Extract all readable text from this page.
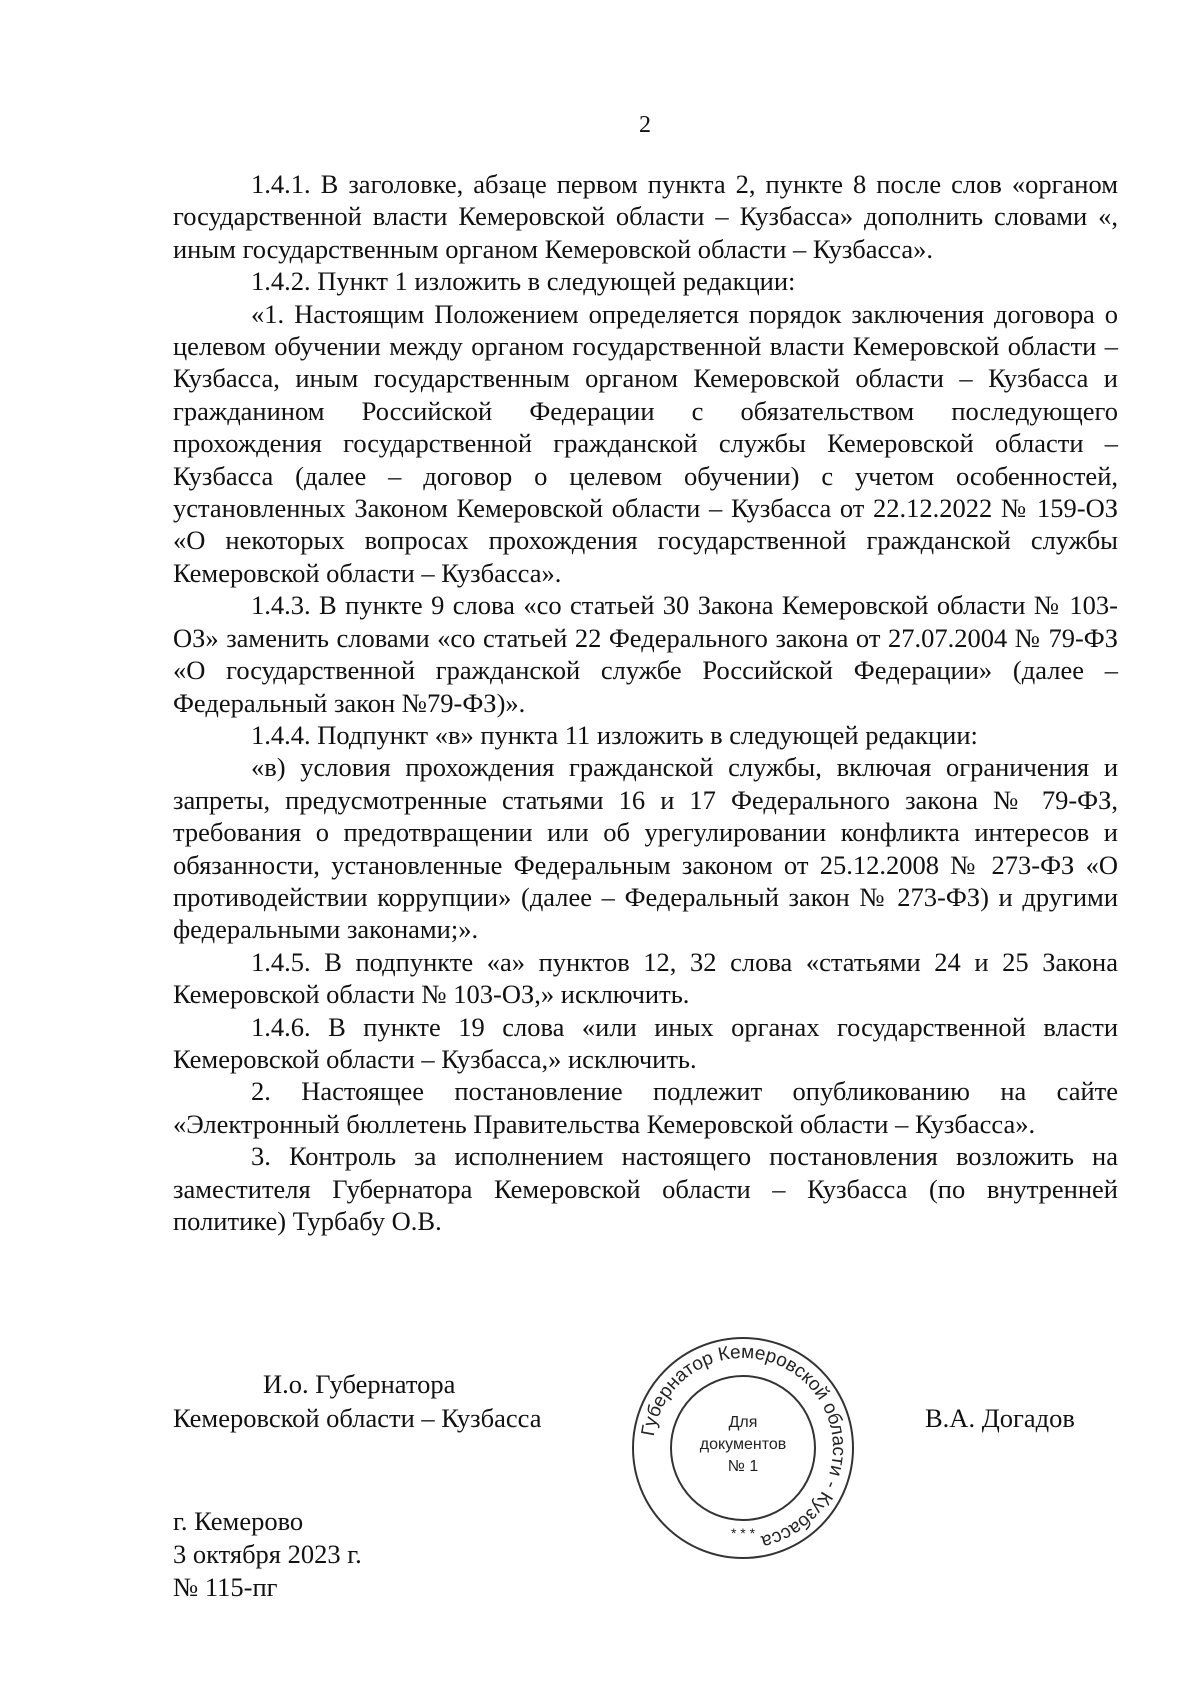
2

1.4.1. В заголовке, абзаце первом пункта 2, пункте 8 после слов «органом государственной власти Кемеровской области – Кузбасса» дополнить словами «, иным государственным органом Кемеровской области – Кузбасса».

1.4.2. Пункт 1 изложить в следующей редакции:

«1. Настоящим Положением определяется порядок заключения договора о целевом обучении между органом государственной власти Кемеровской области – Кузбасса, иным государственным органом Кемеровской области – Кузбасса и гражданином Российской Федерации с обязательством последующего прохождения государственной гражданской службы Кемеровской области – Кузбасса (далее – договор о целевом обучении) с учетом особенностей, установленных Законом Кемеровской области – Кузбасса от 22.12.2022 № 159-ОЗ «О некоторых вопросах прохождения государственной гражданской службы Кемеровской области – Кузбасса».

1.4.3. В пункте 9 слова «со статьей 30 Закона Кемеровской области № 103-ОЗ» заменить словами «со статьей 22 Федерального закона от 27.07.2004 № 79-ФЗ «О государственной гражданской службе Российской Федерации» (далее – Федеральный закон №79-ФЗ)».

1.4.4. Подпункт «в» пункта 11 изложить в следующей редакции:

«в) условия прохождения гражданской службы, включая ограничения и запреты, предусмотренные статьями 16 и 17 Федерального закона № 79-ФЗ, требования о предотвращении или об урегулировании конфликта интересов и обязанности, установленные Федеральным законом от 25.12.2008 № 273-ФЗ «О противодействии коррупции» (далее – Федеральный закон № 273-ФЗ) и другими федеральными законами;».

1.4.5. В подпункте «а» пунктов 12, 32 слова «статьями 24 и 25 Закона Кемеровской области № 103-ОЗ,» исключить.

1.4.6. В пункте 19 слова «или иных органах государственной власти Кемеровской области – Кузбасса,» исключить.

2. Настоящее постановление подлежит опубликованию на сайте «Электронный бюллетень Правительства Кемеровской области – Кузбасса».

3. Контроль за исполнением настоящего постановления возложить на заместителя Губернатора Кемеровской области – Кузбасса (по внутренней политике) Турбабу О.В.

И.о. Губернатора
Кемеровской области – Кузбасса	Губернатор Кемеровской области - Кузбасса
Для
документов
№ 1
* * *
В.А. Догадов
г. Кемерово
3 октября 2023 г.
№ 115-пг
